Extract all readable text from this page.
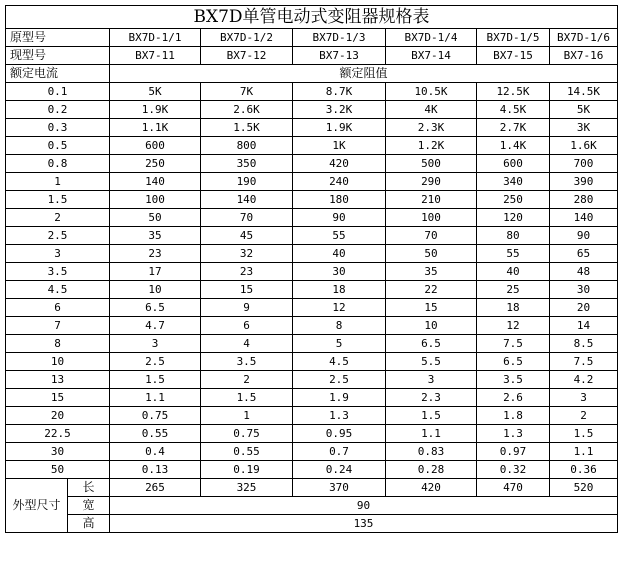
BX7D单管电动式变阻器规格表							
原型号		BX7D-1/1	BX7D-1/2	BX7D-1/3	BX7D-1/4	BX7D-1/5	BX7D-1/6
现型号		BX7-11	BX7-12	BX7-13	BX7-14	BX7-15	BX7-16
额定电流		额定阻值					
0.1		5K	7K	8.7K	10.5K	12.5K	14.5K
0.2		1.9K	2.6K	3.2K	4K	4.5K	5K
0.3		1.1K	1.5K	1.9K	2.3K	2.7K	3K
0.5		600	800	1K	1.2K	1.4K	1.6K
0.8		250	350	420	500	600	700
1		140	190	240	290	340	390
1.5		100	140	180	210	250	280
2		50	70	90	100	120	140
2.5		35	45	55	70	80	90
3		23	32	40	50	55	65
3.5		17	23	30	35	40	48
4.5		10	15	18	22	25	30
6		6.5	9	12	15	18	20
7		4.7	6	8	10	12	14
8		3	4	5	6.5	7.5	8.5
10		2.5	3.5	4.5	5.5	6.5	7.5
13		1.5	2	2.5	3	3.5	4.2
15		1.1	1.5	1.9	2.3	2.6	3
20		0.75	1	1.3	1.5	1.8	2
22.5		0.55	0.75	0.95	1.1	1.3	1.5
30		0.4	0.55	0.7	0.83	0.97	1.1
50		0.13	0.19	0.24	0.28	0.32	0.36
外型尺寸	长	265	325	370	420	470	520
	宽	90					
	高	135					
